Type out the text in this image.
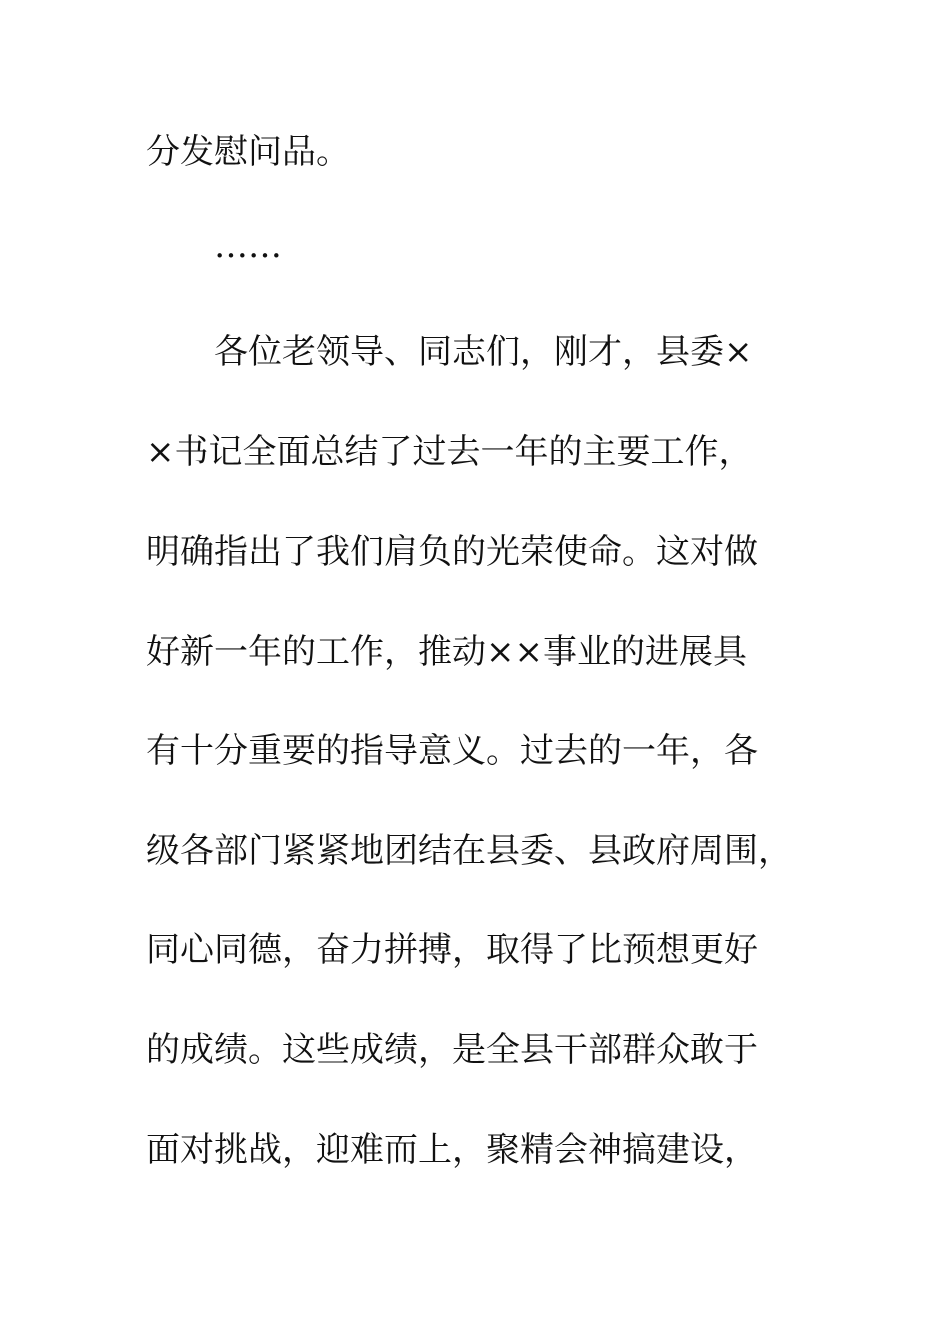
分发慰问品。
……
各位老领导、同志们，刚才，县委×
×书记全面总结了过去一年的主要工作，
明确指出了我们肩负的光荣使命。这对做
好新一年的工作，推动××事业的进展具
有十分重要的指导意义。过去的一年，各
级各部门紧紧地团结在县委、县政府周围，
同心同德，奋力拼搏，取得了比预想更好
的成绩。这些成绩，是全县干部群众敢于
面对挑战，迎难而上，聚精会神搞建设，
